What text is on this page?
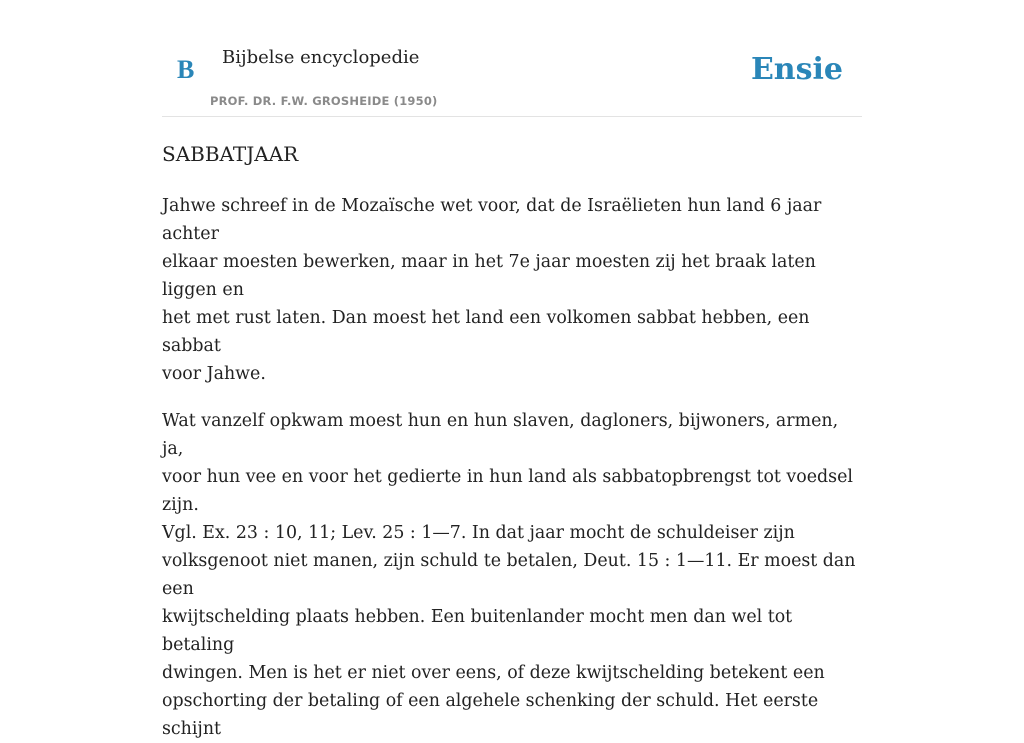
B Bijbelse encyclopedie
PROF. DR. F.W. GROSHEIDE (1950)
Ensie
SABBATJAAR

Jahwe schreef in de Mozaïsche wet voor, dat de Israëlieten hun land 6 jaar achter
elkaar moesten bewerken, maar in het 7e jaar moesten zij het braak laten liggen en
het met rust laten. Dan moest het land een volkomen sabbat hebben, een sabbat
voor Jahwe.

Wat vanzelf opkwam moest hun en hun slaven, dagloners, bijwoners, armen, ja,
voor hun vee en voor het gedierte in hun land als sabbatopbrengst tot voedsel zijn.
Vgl. Ex. 23 : 10, 11; Lev. 25 : 1—7. In dat jaar mocht de schuldeiser zijn
volksgenoot niet manen, zijn schuld te betalen, Deut. 15 : 1—11. Er moest dan een
kwijtschelding plaats hebben. Een buitenlander mocht men dan wel tot betaling
dwingen. Men is het er niet over eens, of deze kwijtschelding betekent een
opschorting der betaling of een algehele schenking der schuld. Het eerste schijnt
